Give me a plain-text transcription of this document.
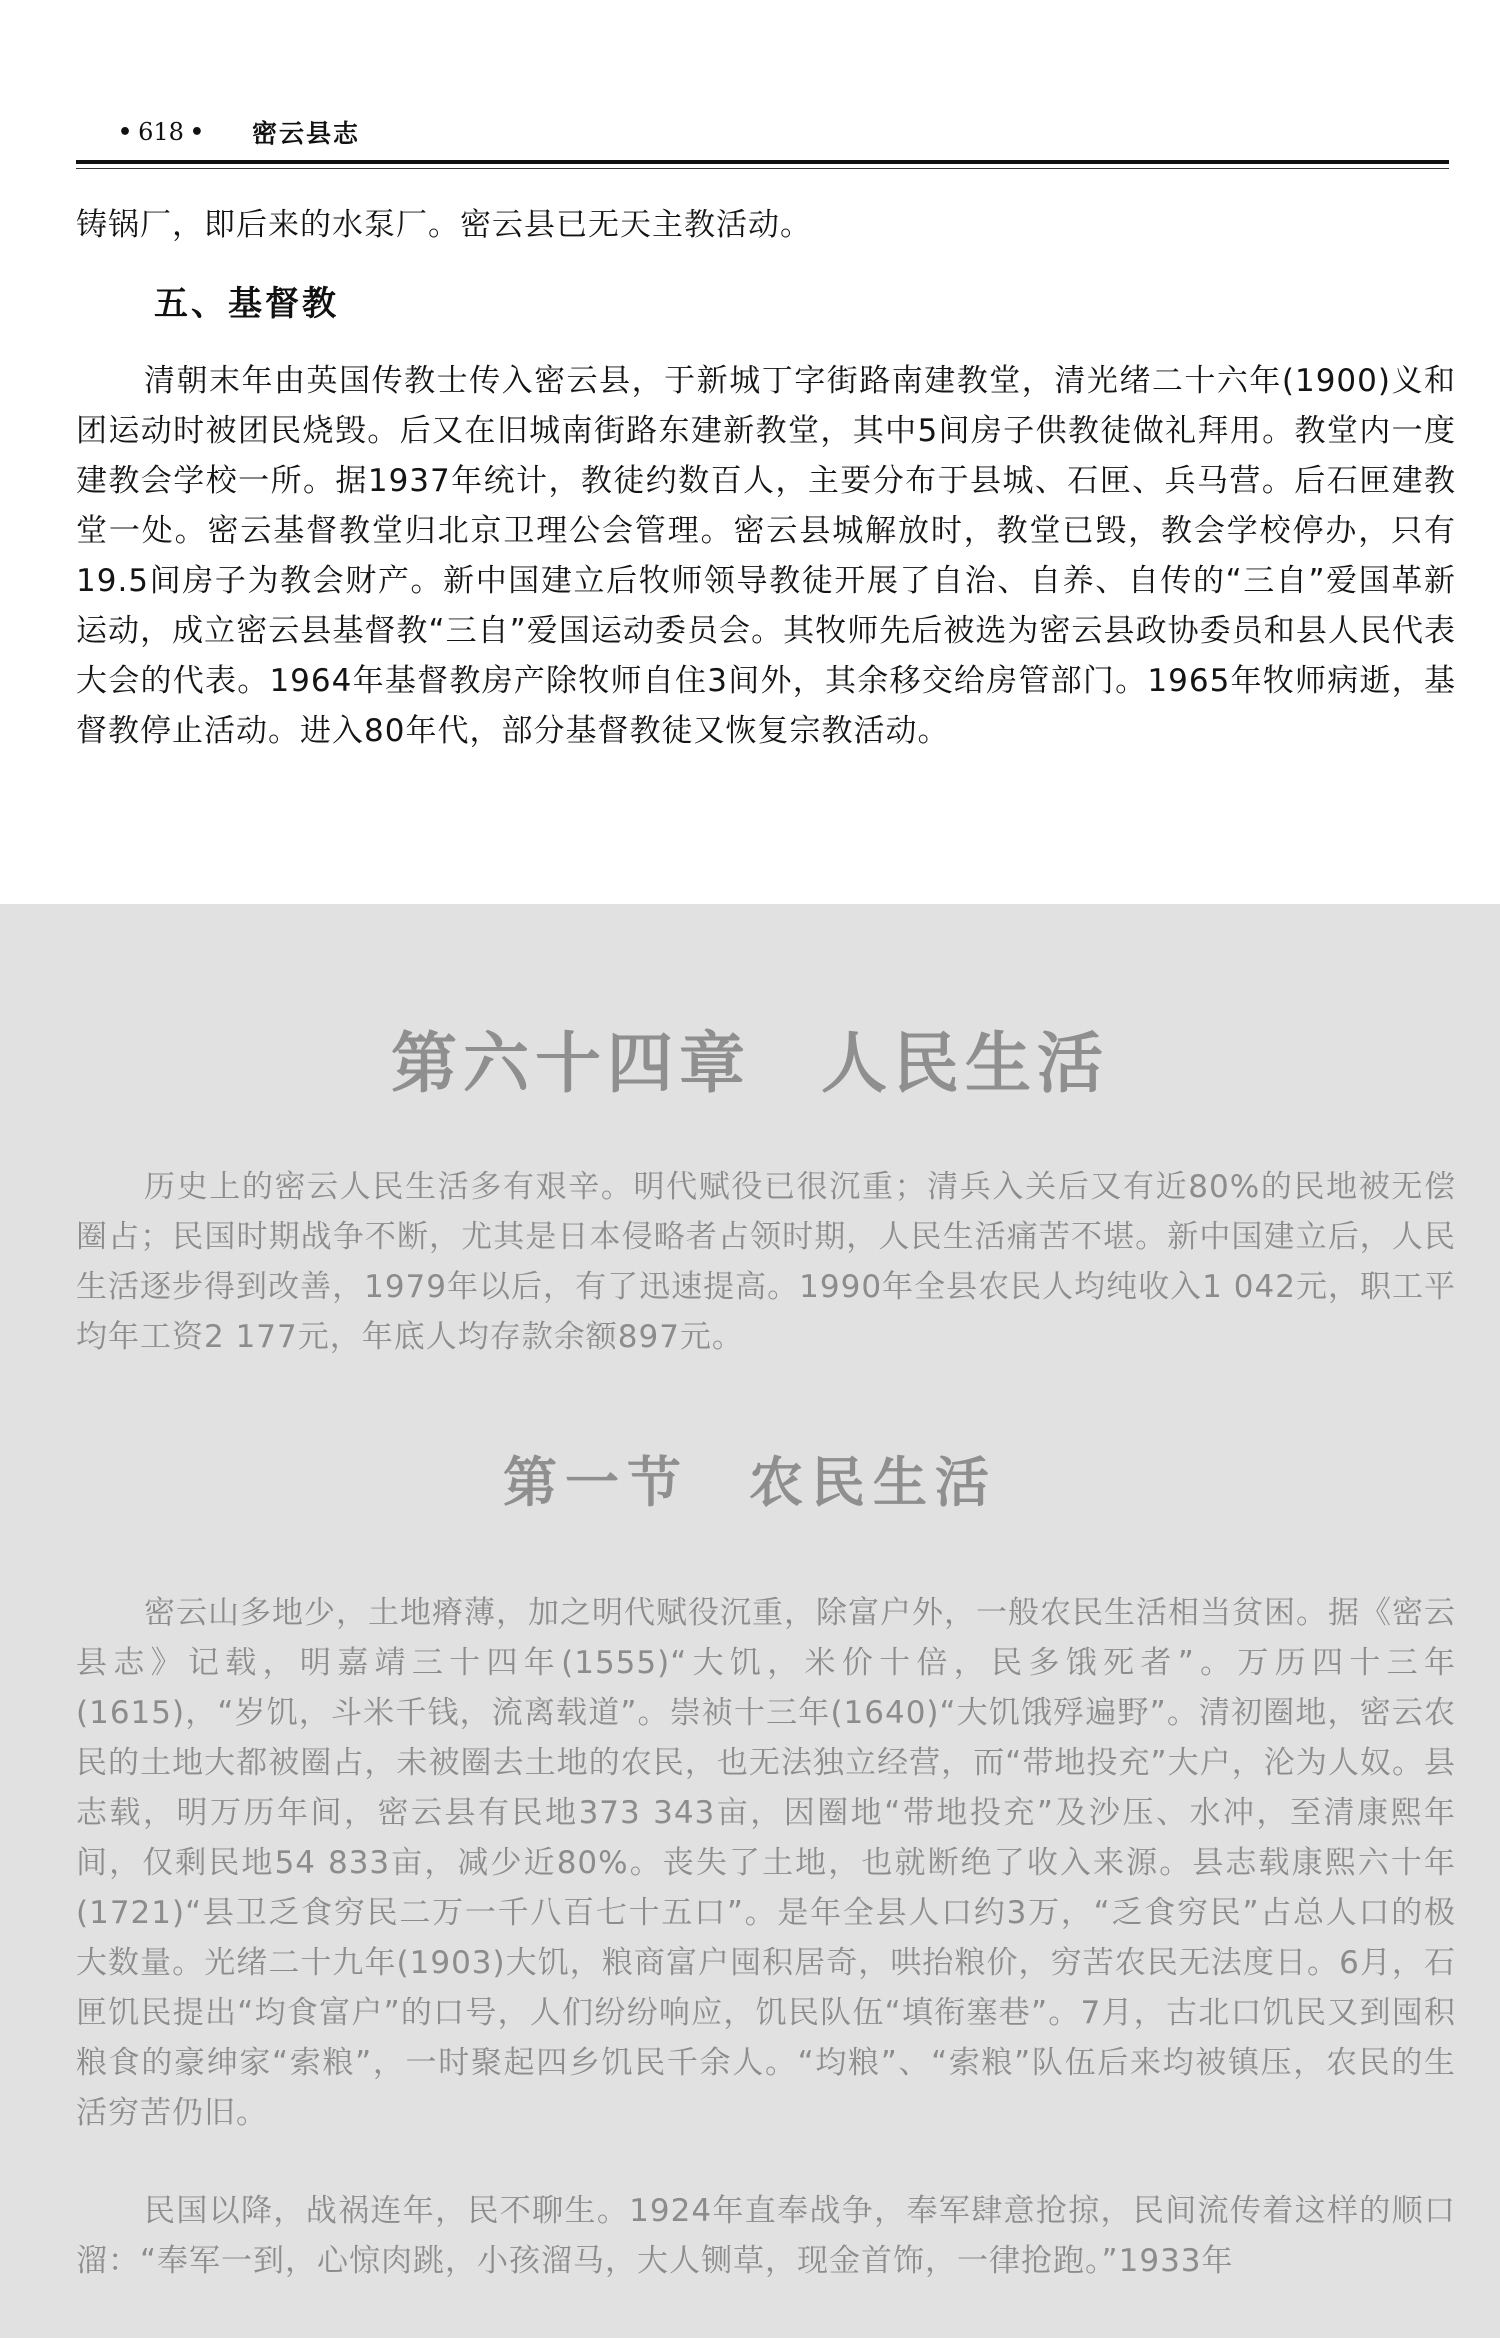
• 618 • 密云县志

铸锅厂，即后来的水泵厂。密云县已无天主教活动。

五、基督教

清朝末年由英国传教士传入密云县，于新城丁字街路南建教堂，清光绪二十六年(1900)义和团运动时被团民烧毁。后又在旧城南街路东建新教堂，其中5间房子供教徒做礼拜用。教堂内一度建教会学校一所。据1937年统计，教徒约数百人，主要分布于县城、石匣、兵马营。后石匣建教堂一处。密云基督教堂归北京卫理公会管理。密云县城解放时，教堂已毁，教会学校停办，只有19.5间房子为教会财产。新中国建立后牧师领导教徒开展了自治、自养、自传的“三自”爱国革新运动，成立密云县基督教“三自”爱国运动委员会。其牧师先后被选为密云县政协委员和县人民代表大会的代表。1964年基督教房产除牧师自住3间外，其余移交给房管部门。1965年牧师病逝，基督教停止活动。进入80年代，部分基督教徒又恢复宗教活动。

第六十四章 人民生活

历史上的密云人民生活多有艰辛。明代赋役已很沉重；清兵入关后又有近80%的民地被无偿圈占；民国时期战争不断，尤其是日本侵略者占领时期，人民生活痛苦不堪。新中国建立后，人民生活逐步得到改善，1979年以后，有了迅速提高。1990年全县农民人均纯收入1 042元，职工平均年工资2 177元，年底人均存款余额897元。

第一节 农民生活

密云山多地少，土地瘠薄，加之明代赋役沉重，除富户外，一般农民生活相当贫困。据《密云县志》记载，明嘉靖三十四年(1555)“大饥，米价十倍，民多饿死者”。万历四十三年(1615)，“岁饥，斗米千钱，流离载道”。崇祯十三年(1640)“大饥饿殍遍野”。清初圈地，密云农民的土地大都被圈占，未被圈去土地的农民，也无法独立经营，而“带地投充”大户，沦为人奴。县志载，明万历年间，密云县有民地373 343亩，因圈地“带地投充”及沙压、水冲，至清康熙年间，仅剩民地54 833亩，减少近80%。丧失了土地，也就断绝了收入来源。县志载康熙六十年(1721)“县卫乏食穷民二万一千八百七十五口”。是年全县人口约3万，“乏食穷民”占总人口的极大数量。光绪二十九年(1903)大饥，粮商富户囤积居奇，哄抬粮价，穷苦农民无法度日。6月，石匣饥民提出“均食富户”的口号，人们纷纷响应，饥民队伍“填衔塞巷”。7月，古北口饥民又到囤积粮食的豪绅家“索粮”，一时聚起四乡饥民千余人。“均粮”、“索粮”队伍后来均被镇压，农民的生活穷苦仍旧。

民国以降，战祸连年，民不聊生。1924年直奉战争，奉军肆意抢掠，民间流传着这样的顺口溜：“奉军一到，心惊肉跳，小孩溜马，大人铡草，现金首饰，一律抢跑。”1933年
